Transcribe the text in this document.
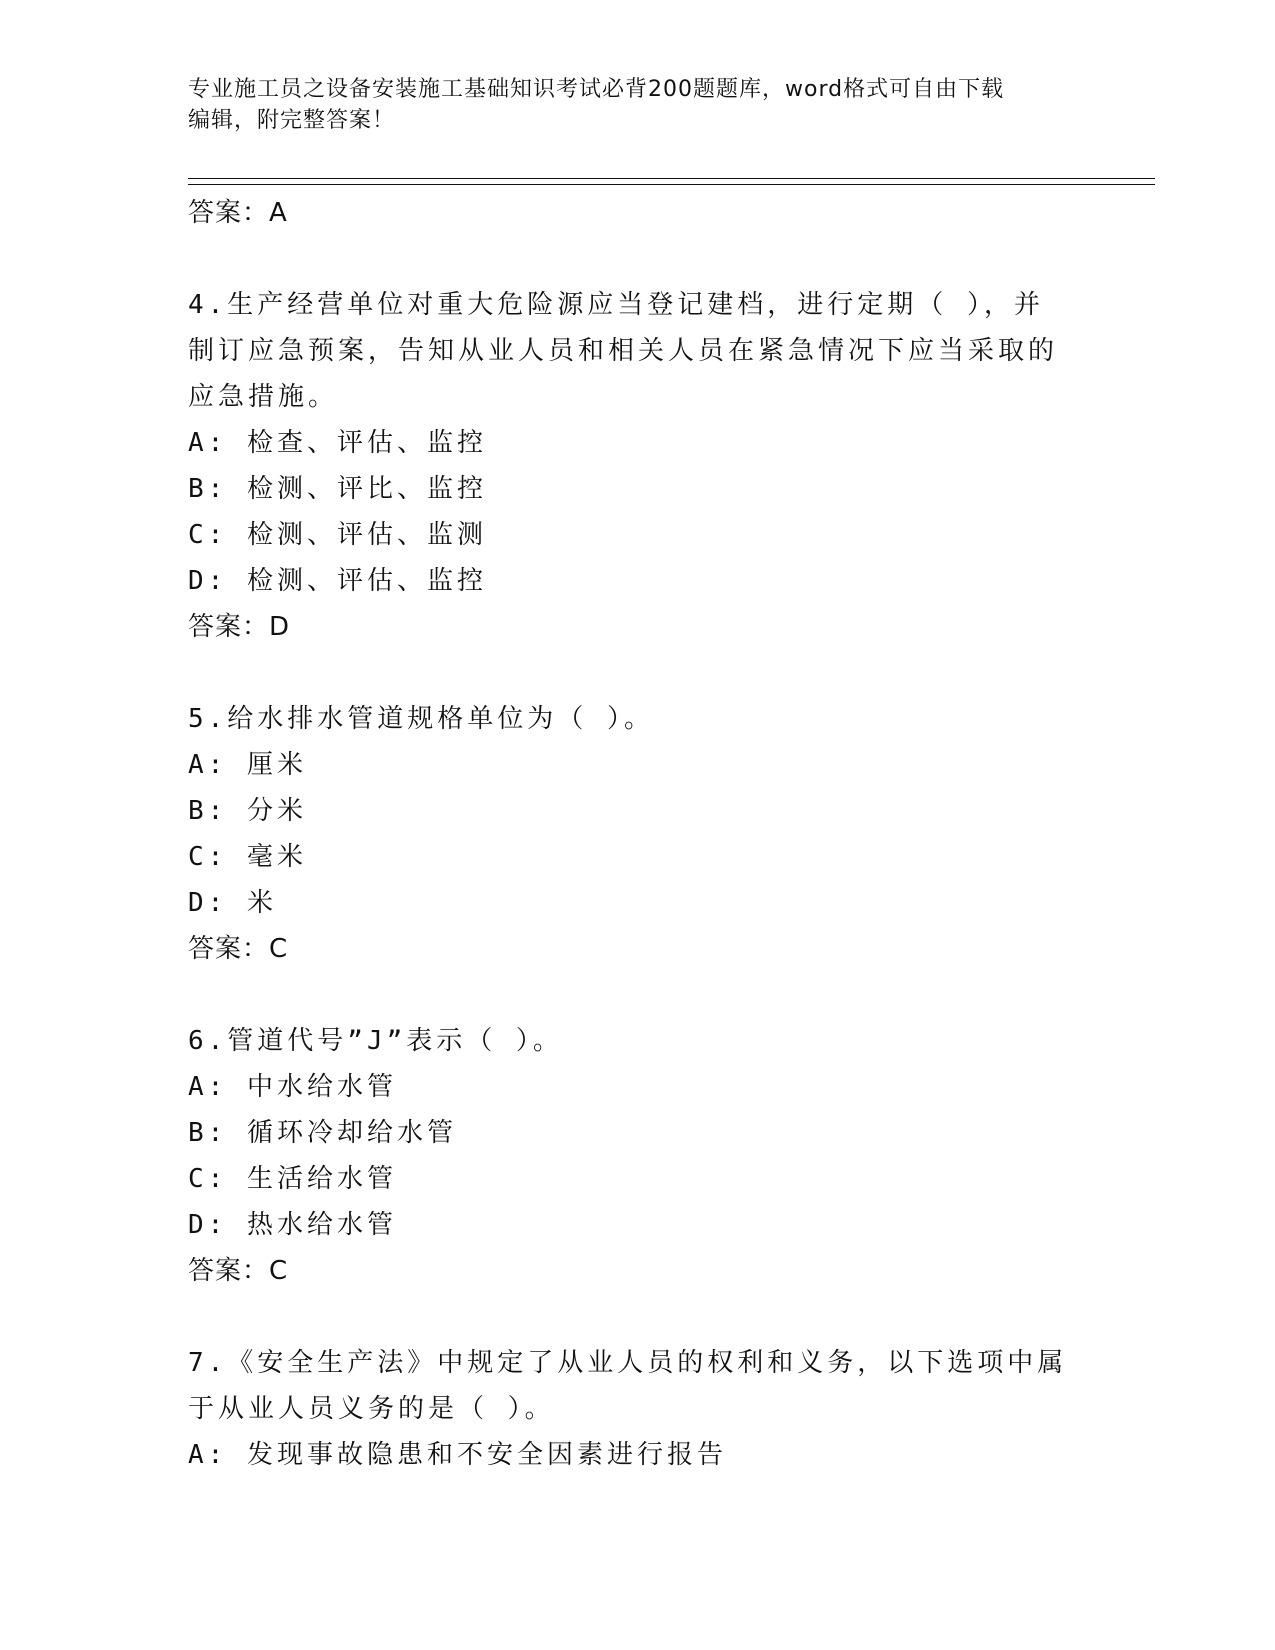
专业施工员之设备安装施工基础知识考试必背200题题库，word格式可自由下载
编辑，附完整答案！
答案：A
4.生产经营单位对重大危险源应当登记建档，进行定期（ ），并制订应急预案，告知从业人员和相关人员在紧急情况下应当采取的应急措施。
A: 检查、评估、监控
B: 检测、评比、监控
C: 检测、评估、监测
D: 检测、评估、监控
答案：D
5.给水排水管道规格单位为（ ）。
A: 厘米
B: 分米
C: 毫米
D: 米
答案：C
6.管道代号”J”表示（ ）。
A: 中水给水管
B: 循环冷却给水管
C: 生活给水管
D: 热水给水管
答案：C
7.《安全生产法》中规定了从业人员的权利和义务，以下选项中属于从业人员义务的是（ ）。
A: 发现事故隐患和不安全因素进行报告
